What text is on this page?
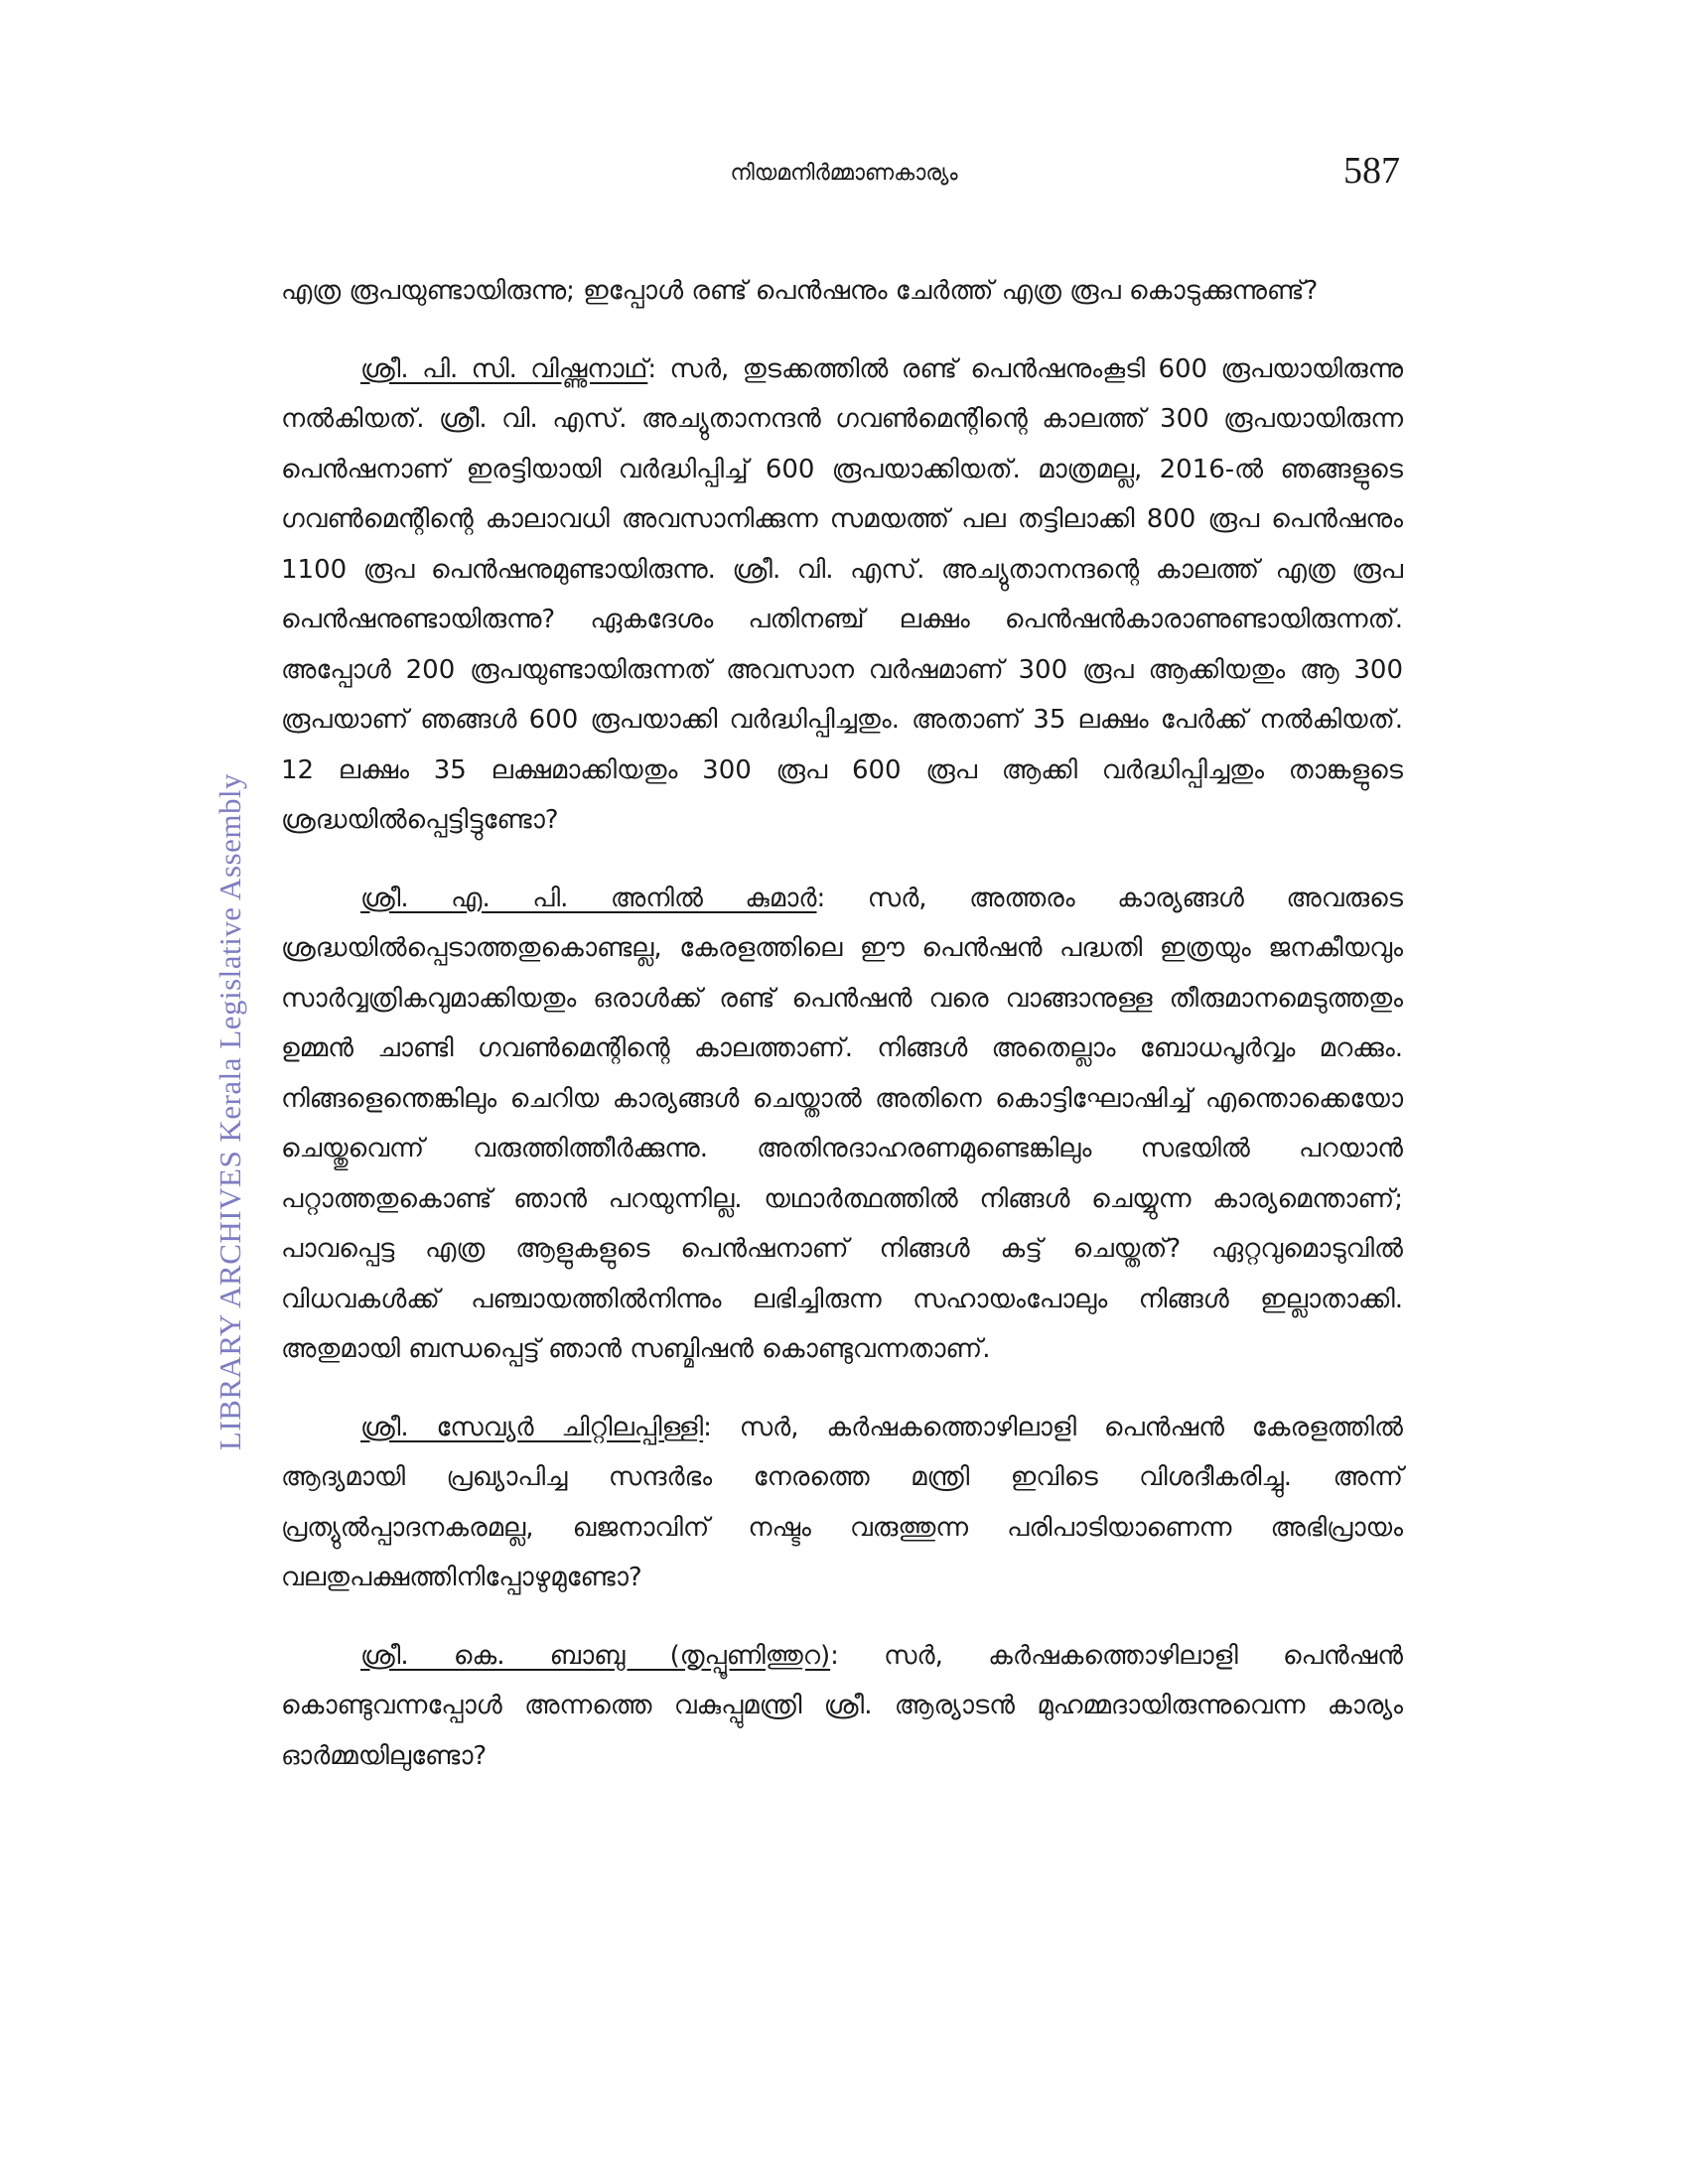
നിയമനിർമ്മാണകാര്യം	587
LIBRARY ARCHIVES Kerala Legislative Assembly

എത്ര രൂപയുണ്ടായിരുന്നു; ഇപ്പോൾ രണ്ട് പെൻഷനും ചേർത്ത് എത്ര രൂപ കൊടുക്കുന്നുണ്ട്?

ശ്രീ. പി. സി. വിഷ്ണുനാഥ്: സർ, തുടക്കത്തിൽ രണ്ട് പെൻഷനുംകൂടി 600 രൂപയായിരുന്നു നൽകിയത്. ശ്രീ. വി. എസ്. അച്യുതാനന്ദൻ ഗവൺമെന്റിന്റെ കാലത്ത് 300 രൂപയായിരുന്ന പെൻഷനാണ് ഇരട്ടിയായി വർദ്ധിപ്പിച്ച് 600 രൂപയാക്കിയത്. മാത്രമല്ല, 2016-ൽ ഞങ്ങളുടെ ഗവൺമെന്റിന്റെ കാലാവധി അവസാനിക്കുന്ന സമയത്ത് പല തട്ടിലാക്കി 800 രൂപ പെൻഷനും 1100 രൂപ പെൻഷനുമുണ്ടായിരുന്നു. ശ്രീ. വി. എസ്. അച്യുതാനന്ദന്റെ കാലത്ത് എത്ര രൂപ പെൻഷനുണ്ടായിരുന്നു? ഏകദേശം പതിനഞ്ച് ലക്ഷം പെൻഷൻകാരാണുണ്ടായിരുന്നത്. അപ്പോൾ 200 രൂപയുണ്ടായിരുന്നത് അവസാന വർഷമാണ് 300 രൂപ ആക്കിയതും ആ 300 രൂപയാണ് ഞങ്ങൾ 600 രൂപയാക്കി വർദ്ധിപ്പിച്ചതും. അതാണ് 35 ലക്ഷം പേർക്ക് നൽകിയത്. 12 ലക്ഷം 35 ലക്ഷമാക്കിയതും 300 രൂപ 600 രൂപ ആക്കി വർദ്ധിപ്പിച്ചതും താങ്കളുടെ ശ്രദ്ധയിൽപ്പെട്ടിട്ടുണ്ടോ?

ശ്രീ. എ. പി. അനിൽ കുമാർ: സർ, അത്തരം കാര്യങ്ങൾ അവരുടെ ശ്രദ്ധയിൽപ്പെടാത്തതുകൊണ്ടല്ല, കേരളത്തിലെ ഈ പെൻഷൻ പദ്ധതി ഇത്രയും ജനകീയവും സാർവ്വത്രികവുമാക്കിയതും ഒരാൾക്ക് രണ്ട് പെൻഷൻ വരെ വാങ്ങാനുള്ള തീരുമാനമെടുത്തതും ഉമ്മൻ ചാണ്ടി ഗവൺമെന്റിന്റെ കാലത്താണ്. നിങ്ങൾ അതെല്ലാം ബോധപൂർവ്വം മറക്കും. നിങ്ങളെന്തെങ്കിലും ചെറിയ കാര്യങ്ങൾ ചെയ്താൽ അതിനെ കൊട്ടിഘോഷിച്ച് എന്തൊക്കെയോ ചെയ്തുവെന്ന് വരുത്തിത്തീർക്കുന്നു. അതിനുദാഹരണമുണ്ടെങ്കിലും സഭയിൽ പറയാൻ പറ്റാത്തതുകൊണ്ട് ഞാൻ പറയുന്നില്ല. യഥാർത്ഥത്തിൽ നിങ്ങൾ ചെയ്യുന്ന കാര്യമെന്താണ്; പാവപ്പെട്ട എത്ര ആളുകളുടെ പെൻഷനാണ് നിങ്ങൾ കട്ട് ചെയ്തത്? ഏറ്റവുമൊടുവിൽ വിധവകൾക്ക് പഞ്ചായത്തിൽനിന്നും ലഭിച്ചിരുന്ന സഹായംപോലും നിങ്ങൾ ഇല്ലാതാക്കി. അതുമായി ബന്ധപ്പെട്ട് ഞാൻ സബ്മിഷൻ കൊണ്ടുവന്നതാണ്.

ശ്രീ. സേവ്യർ ചിറ്റിലപ്പിള്ളി: സർ, കർഷകത്തൊഴിലാളി പെൻഷൻ കേരളത്തിൽ ആദ്യമായി പ്രഖ്യാപിച്ച സന്ദർഭം നേരത്തെ മന്ത്രി ഇവിടെ വിശദീകരിച്ചു. അന്ന് പ്രത്യുൽപ്പാദനകരമല്ല, ഖജനാവിന് നഷ്ടം വരുത്തുന്ന പരിപാടിയാണെന്ന അഭിപ്രായം വലതുപക്ഷത്തിനിപ്പോഴുമുണ്ടോ?

ശ്രീ. കെ. ബാബു (തൃപ്പൂണിത്തുറ): സർ, കർഷകത്തൊഴിലാളി പെൻഷൻ കൊണ്ടുവന്നപ്പോൾ അന്നത്തെ വകുപ്പുമന്ത്രി ശ്രീ. ആര്യാടൻ മുഹമ്മദായിരുന്നുവെന്ന കാര്യം ഓർമ്മയിലുണ്ടോ?
